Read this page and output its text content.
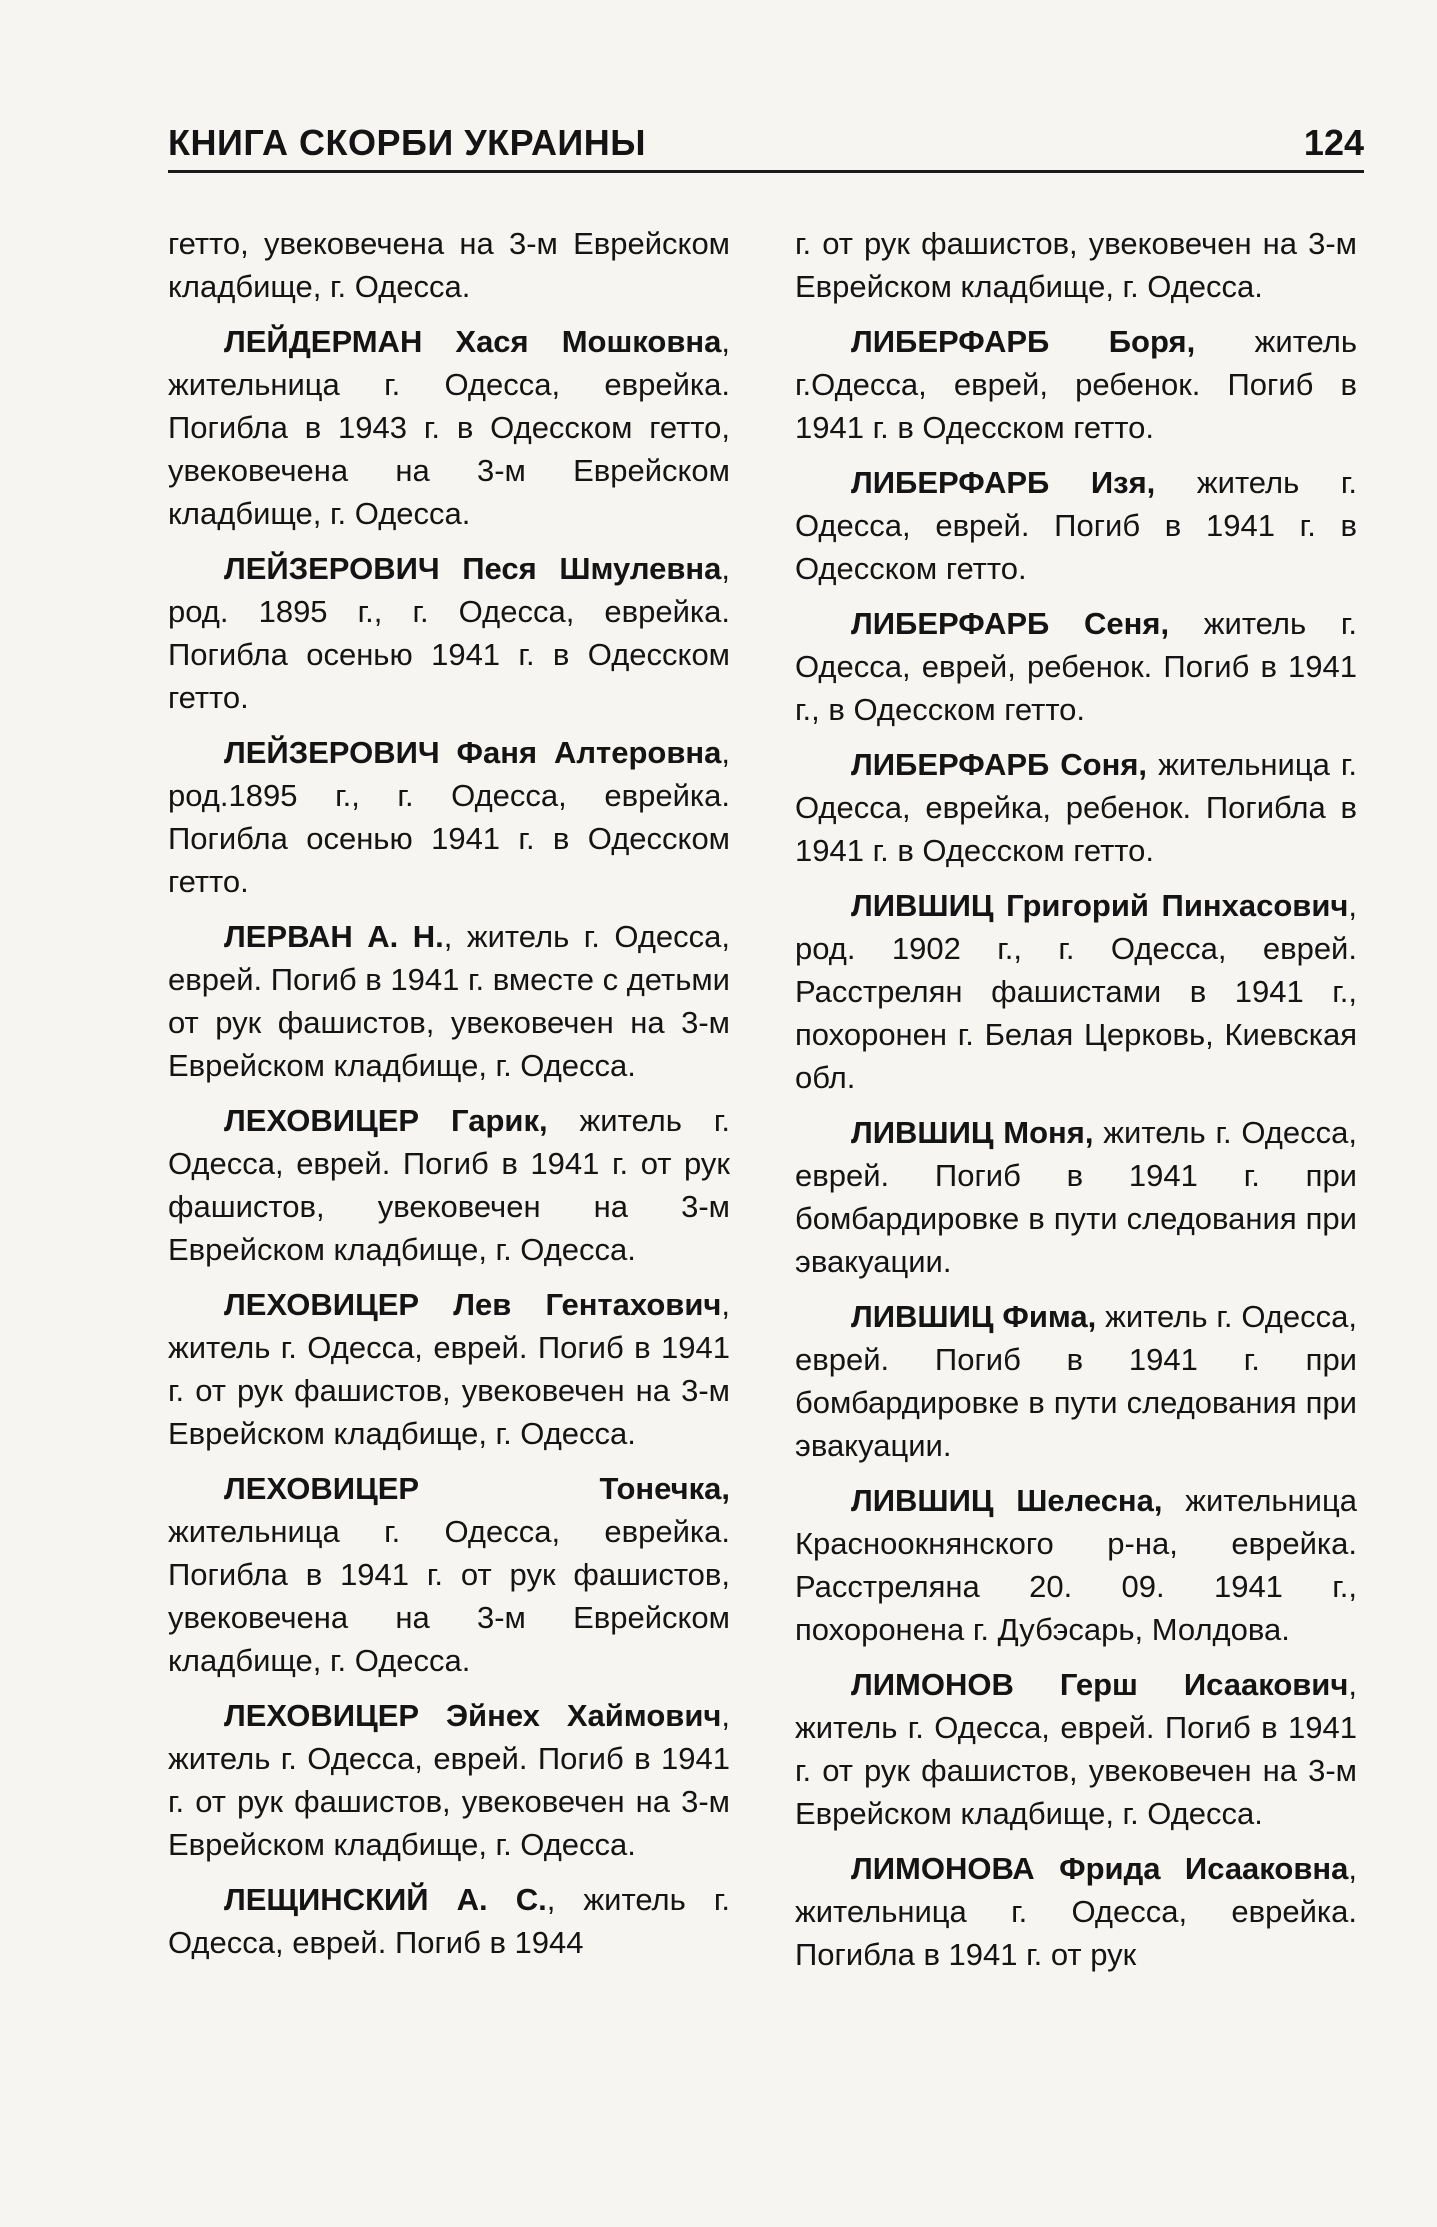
КНИГА СКОРБИ УКРАИНЫ	124

гетто, увековечена на 3-м Еврейском кладбище, г. Одесса.

ЛЕЙДЕРМАН Хася Мошковна, жительница г. Одесса, еврейка. Погибла в 1943 г. в Одесском гетто, увековечена на 3-м Еврейском кладбище, г. Одесса.

ЛЕЙЗЕРОВИЧ Песя Шмулевна, род. 1895 г., г. Одесса, еврейка. Погибла осенью 1941 г. в Одесском гетто.

ЛЕЙЗЕРОВИЧ Фаня Алтеровна, род.1895 г., г. Одесса, еврейка. Погибла осенью 1941 г. в Одесском гетто.

ЛЕРВАН А. Н., житель г. Одесса, еврей. Погиб в 1941 г. вместе с детьми от рук фашистов, увековечен на 3-м Еврейском кладбище, г. Одесса.

ЛЕХОВИЦЕР Гарик, житель г. Одесса, еврей. Погиб в 1941 г. от рук фашистов, увековечен на 3-м Еврейском кладбище, г. Одесса.

ЛЕХОВИЦЕР Лев Гентахович, житель г. Одесса, еврей. Погиб в 1941 г. от рук фашистов, увековечен на 3-м Еврейском кладбище, г. Одесса.

ЛЕХОВИЦЕР Тонечка, жительница г. Одесса, еврейка. Погибла в 1941 г. от рук фашистов, увековечена на 3-м Еврейском кладбище, г. Одесса.

ЛЕХОВИЦЕР Эйнех Хаймович, житель г. Одесса, еврей. Погиб в 1941 г. от рук фашистов, увековечен на 3-м Еврейском кладбище, г. Одесса.

ЛЕЩИНСКИЙ А. С., житель г. Одесса, еврей. Погиб в 1944

г. от рук фашистов, увековечен на 3-м Еврейском кладбище, г. Одесса.

ЛИБЕРФАРБ Боря, житель г.Одесса, еврей, ребенок. Погиб в 1941 г. в Одесском гетто.

ЛИБЕРФАРБ Изя, житель г. Одесса, еврей. Погиб в 1941 г. в Одесском гетто.

ЛИБЕРФАРБ Сеня, житель г. Одесса, еврей, ребенок. Погиб в 1941 г., в Одесском гетто.

ЛИБЕРФАРБ Соня, жительница г. Одесса, еврейка, ребенок. Погибла в 1941 г. в Одесском гетто.

ЛИВШИЦ Григорий Пинхасович, род. 1902 г., г. Одесса, еврей. Расстрелян фашистами в 1941 г., похоронен г. Белая Церковь, Киевская обл.

ЛИВШИЦ Моня, житель г. Одесса, еврей. Погиб в 1941 г. при бомбардировке в пути следования при эвакуации.

ЛИВШИЦ Фима, житель г. Одесса, еврей. Погиб в 1941 г. при бомбардировке в пути следования при эвакуации.

ЛИВШИЦ Шелесна, жительница Красноокнянского р-на, еврейка. Расстреляна 20. 09. 1941 г., похоронена г. Дубэсарь, Молдова.

ЛИМОНОВ Герш Исаакович, житель г. Одесса, еврей. Погиб в 1941 г. от рук фашистов, увековечен на 3-м Еврейском кладбище, г. Одесса.

ЛИМОНОВА Фрида Исааковна, жительница г. Одесса, еврейка. Погибла в 1941 г. от рук
